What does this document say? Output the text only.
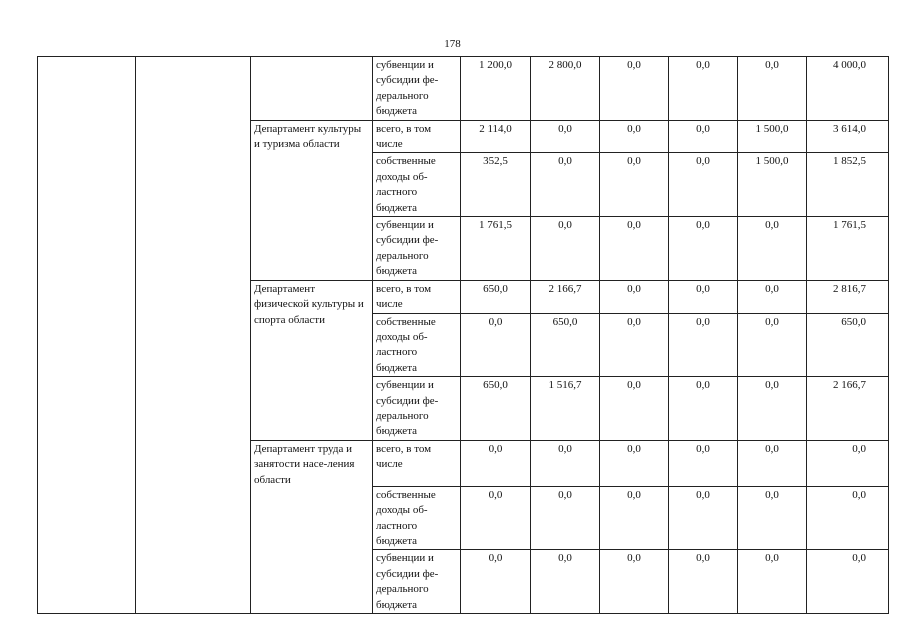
178
			субвенции и субсидии фе-дерального бюджета	1 200,0	2 800,0	0,0	0,0	0,0	4 000,0
		Департамент культуры и туризма области	всего, в том числе	2 114,0	0,0	0,0	0,0	1 500,0	3 614,0
			собственные доходы об-ластного бюджета	352,5	0,0	0,0	0,0	1 500,0	1 852,5
			субвенции и субсидии фе-дерального бюджета	1 761,5	0,0	0,0	0,0	0,0	1 761,5
		Департамент физической культуры и спорта области	всего, в том числе	650,0	2 166,7	0,0	0,0	0,0	2 816,7
			собственные доходы об-ластного бюджета	0,0	650,0	0,0	0,0	0,0	650,0
			субвенции и субсидии фе-дерального бюджета	650,0	1 516,7	0,0	0,0	0,0	2 166,7
		Департамент труда и занятости насе-ления области	всего, в том числе	0,0	0,0	0,0	0,0	0,0	0,0
			собственные доходы об-ластного бюджета	0,0	0,0	0,0	0,0	0,0	0,0
			субвенции и субсидии фе-дерального бюджета	0,0	0,0	0,0	0,0	0,0	0,0
